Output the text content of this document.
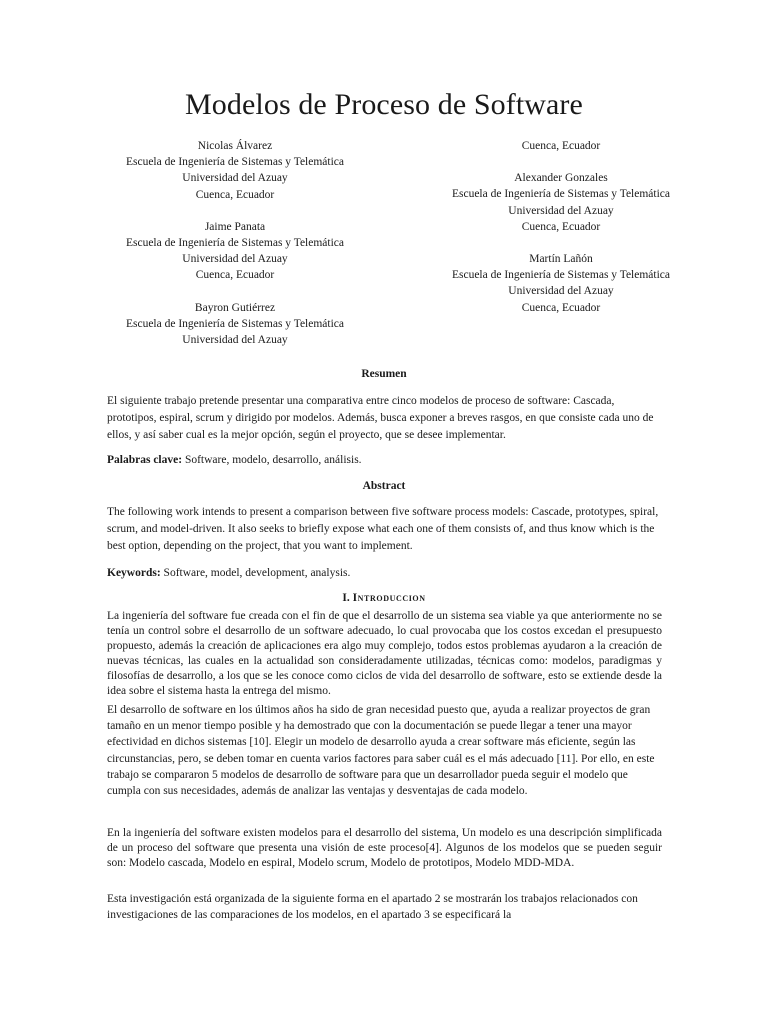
Modelos de Proceso de Software
Nicolas Álvarez
Escuela de Ingeniería de Sistemas y Telemática
Universidad del Azuay
Cuenca, Ecuador
Jaime Panata
Escuela de Ingeniería de Sistemas y Telemática
Universidad del Azuay
Cuenca, Ecuador
Bayron Gutiérrez
Escuela de Ingeniería de Sistemas y Telemática
Universidad del Azuay
Cuenca, Ecuador
Alexander Gonzales
Escuela de Ingeniería de Sistemas y Telemática
Universidad del Azuay
Cuenca, Ecuador
Martín Lañón
Escuela de Ingeniería de Sistemas y Telemática
Universidad del Azuay
Cuenca, Ecuador
Resumen

El siguiente trabajo pretende presentar una comparativa entre cinco modelos de proceso de software: Cascada, prototipos, espiral, scrum y dirigido por modelos. Además, busca exponer a breves rasgos, en que consiste cada uno de ellos, y así saber cual es la mejor opción, según el proyecto, que se desee implementar.

Palabras clave: Software, modelo, desarrollo, análisis.

Abstract

The following work intends to present a comparison between five software process models: Cascade, prototypes, spiral, scrum, and model-driven. It also seeks to briefly expose what each one of them consists of, and thus know which is the best option, depending on the project, that you want to implement.

Keywords: Software, model, development, analysis.

I. Introduccion

La ingeniería del software fue creada con el fin de que el desarrollo de un sistema sea viable ya que anteriormente no se tenía un control sobre el desarrollo de un software adecuado, lo cual provocaba que los costos excedan el presupuesto propuesto, además la creación de aplicaciones era algo muy complejo, todos estos problemas ayudaron a la creación de nuevas técnicas, las cuales en la actualidad son consideradamente utilizadas, técnicas como: modelos, paradigmas y filosofías de desarrollo, a los que se les conoce como ciclos de vida del desarrollo de software, esto se extiende desde la idea sobre el sistema hasta la entrega del mismo.

El desarrollo de software en los últimos años ha sido de gran necesidad puesto que, ayuda a realizar proyectos de gran tamaño en un menor tiempo posible y ha demostrado que con la documentación se puede llegar a tener una mayor efectividad en dichos sistemas [10]. Elegir un modelo de desarrollo ayuda a crear software más eficiente, según las circunstancias, pero, se deben tomar en cuenta varios factores para saber cuál es el más adecuado [11]. Por ello, en este trabajo se compararon 5 modelos de desarrollo de software para que un desarrollador pueda seguir el modelo que cumpla con sus necesidades, además de analizar las ventajas y desventajas de cada modelo.

En la ingeniería del software existen modelos para el desarrollo del sistema, Un modelo es una descripción simplificada de un proceso del software que presenta una visión de este proceso[4]. Algunos de los modelos que se pueden seguir son: Modelo cascada, Modelo en espiral, Modelo scrum, Modelo de prototipos, Modelo MDD-MDA.

Esta investigación está organizada de la siguiente forma en el apartado 2 se mostrarán los trabajos relacionados con investigaciones de las comparaciones de los modelos, en el apartado 3 se especificará la
